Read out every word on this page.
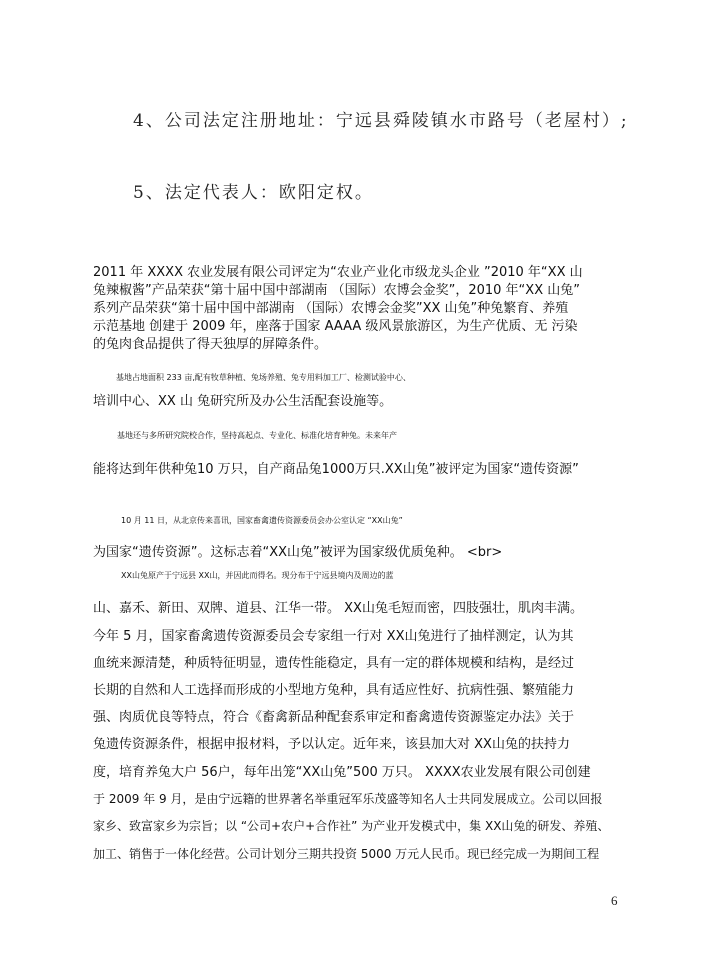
4、公司法定注册地址：宁远县舜陵镇水市路号（老屋村）;
5、法定代表人：欧阳定权。
2011 年 XXXX 农业发展有限公司评定为“农业产业化市级龙头企业 ”2010 年“XX 山
兔辣椒酱”产品荣获“第十届中国中部湖南 （国际）农博会金奖”，2010 年“XX 山兔”
系列产品荣获“第十届中国中部湖南 （国际）农博会金奖”XX 山兔”种兔繁育、养殖
示范基地 创建于 2009 年，座落于国家 AAAA 级风景旅游区，为生产优质、无 污染
的兔肉食品提供了得天独厚的屏障条件。
基地占地面积 233 亩,配有牧草种植、兔场养殖、兔专用料加工厂、检测试验中心、
培训中心、XX 山 兔研究所及办公生活配套设施等。
基地还与多所研究院校合作，坚持高起点、专业化、标准化培育种兔。未来年产
能将达到年供种兔10 万只，自产商品兔1000万只.XX山兔”被评定为国家“遗传资源”
10 月 11 日，从北京传来喜讯，国家畜禽遗传资源委员会办公室认定 “XX山兔”
为国家“遗传资源”。这标志着“XX山兔”被评为国家级优质兔种。 <br>
XX山兔原产于宁远县 XX山，并因此而得名。现分布于宁远县境内及周边的蓝
山、嘉禾、新田、双牌、道县、江华一带。 XX山兔毛短而密，四肢强壮，肌肉丰满。
今年 5 月，国家畜禽遗传资源委员会专家组一行对 XX山兔进行了抽样测定，认为其
血统来源清楚，种质特征明显，遗传性能稳定，具有一定的群体规模和结构，是经过
长期的自然和人工选择而形成的小型地方兔种，具有适应性好、抗病性强、繁殖能力
强、肉质优良等特点，符合《畜禽新品种配套系审定和畜禽遗传资源鉴定办法》关于
兔遗传资源条件，根据申报材料，予以认定。近年来，该县加大对 XX山兔的扶持力
度，培育养兔大户 56户，每年出笼“XX山兔”500 万只。 XXXX农业发展有限公司创建
于 2009 年 9 月，是由宁远籍的世界著名举重冠军乐茂盛等知名人士共同发展成立。公司以回报
家乡、致富家乡为宗旨；以 “公司+农户+合作社” 为产业开发模式中，集 XX山兔的研发、养殖、
加工、销售于一体化经营。公司计划分三期共投资 5000 万元人民币。现已经完成一为期间工程
6
